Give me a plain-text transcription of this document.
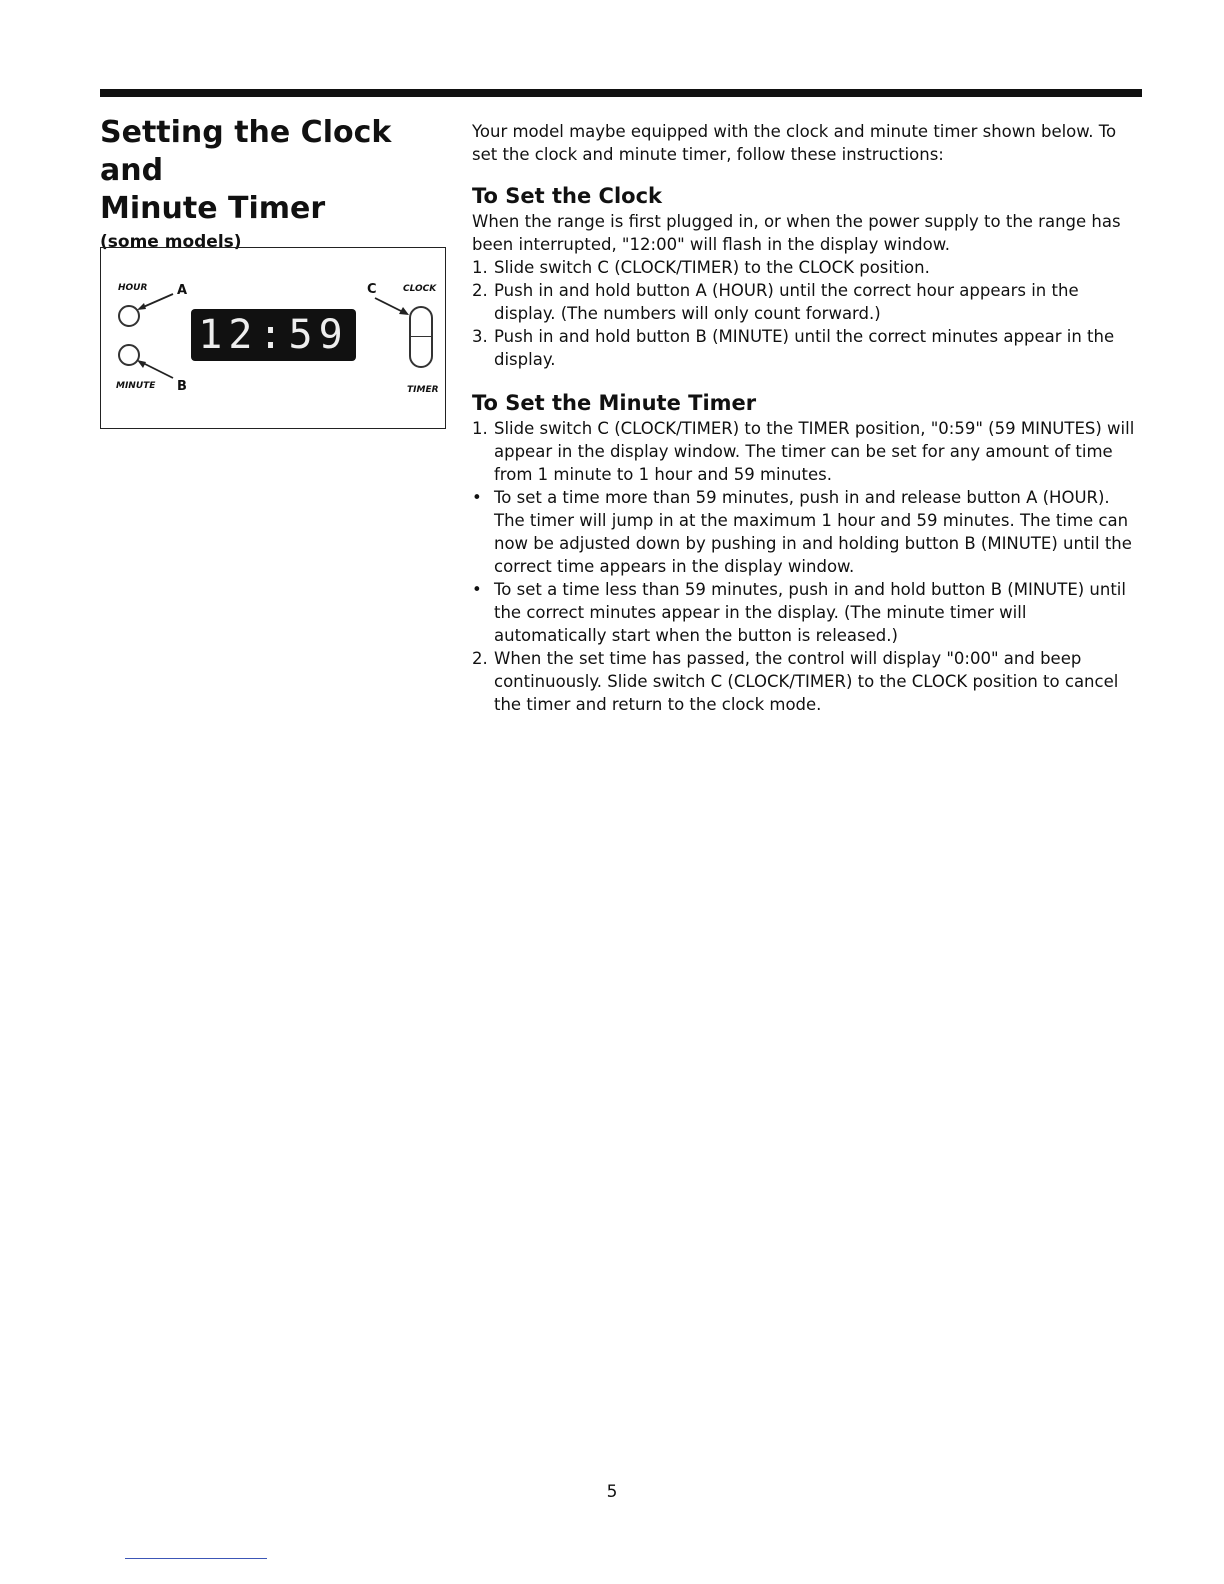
Setting the Clock and
Minute Timer
(some models)
HOUR A
MINUTE B
12:59
C	CLOCK
TIMER

Your model maybe equipped with the clock and minute timer shown below. To set the clock and minute timer, follow these instructions:

To Set the Clock

When the range is first plugged in, or when the power supply to the range has been interrupted, "12:00" will flash in the display window.

1. Slide switch C (CLOCK/TIMER) to the CLOCK position.
2. Push in and hold button A (HOUR) until the correct hour appears in the display. (The numbers will only count forward.)
3. Push in and hold button B (MINUTE) until the correct minutes appear in the display.
To Set the Minute Timer
1. Slide switch C (CLOCK/TIMER) to the TIMER position, "0:59" (59 MINUTES) will appear in the display window. The timer can be set for any amount of time from 1 minute to 1 hour and 59 minutes.
• To set a time more than 59 minutes, push in and release button A (HOUR). The timer will jump in at the maximum 1 hour and 59 minutes. The time can now be adjusted down by pushing in and holding button B (MINUTE) until the correct time appears in the display window.
• To set a time less than 59 minutes, push in and hold button B (MINUTE) until the correct minutes appear in the display. (The minute timer will automatically start when the button is released.)
2. When the set time has passed, the control will display "0:00" and beep continuously. Slide switch C (CLOCK/TIMER) to the CLOCK position to cancel the timer and return to the clock mode.
5
